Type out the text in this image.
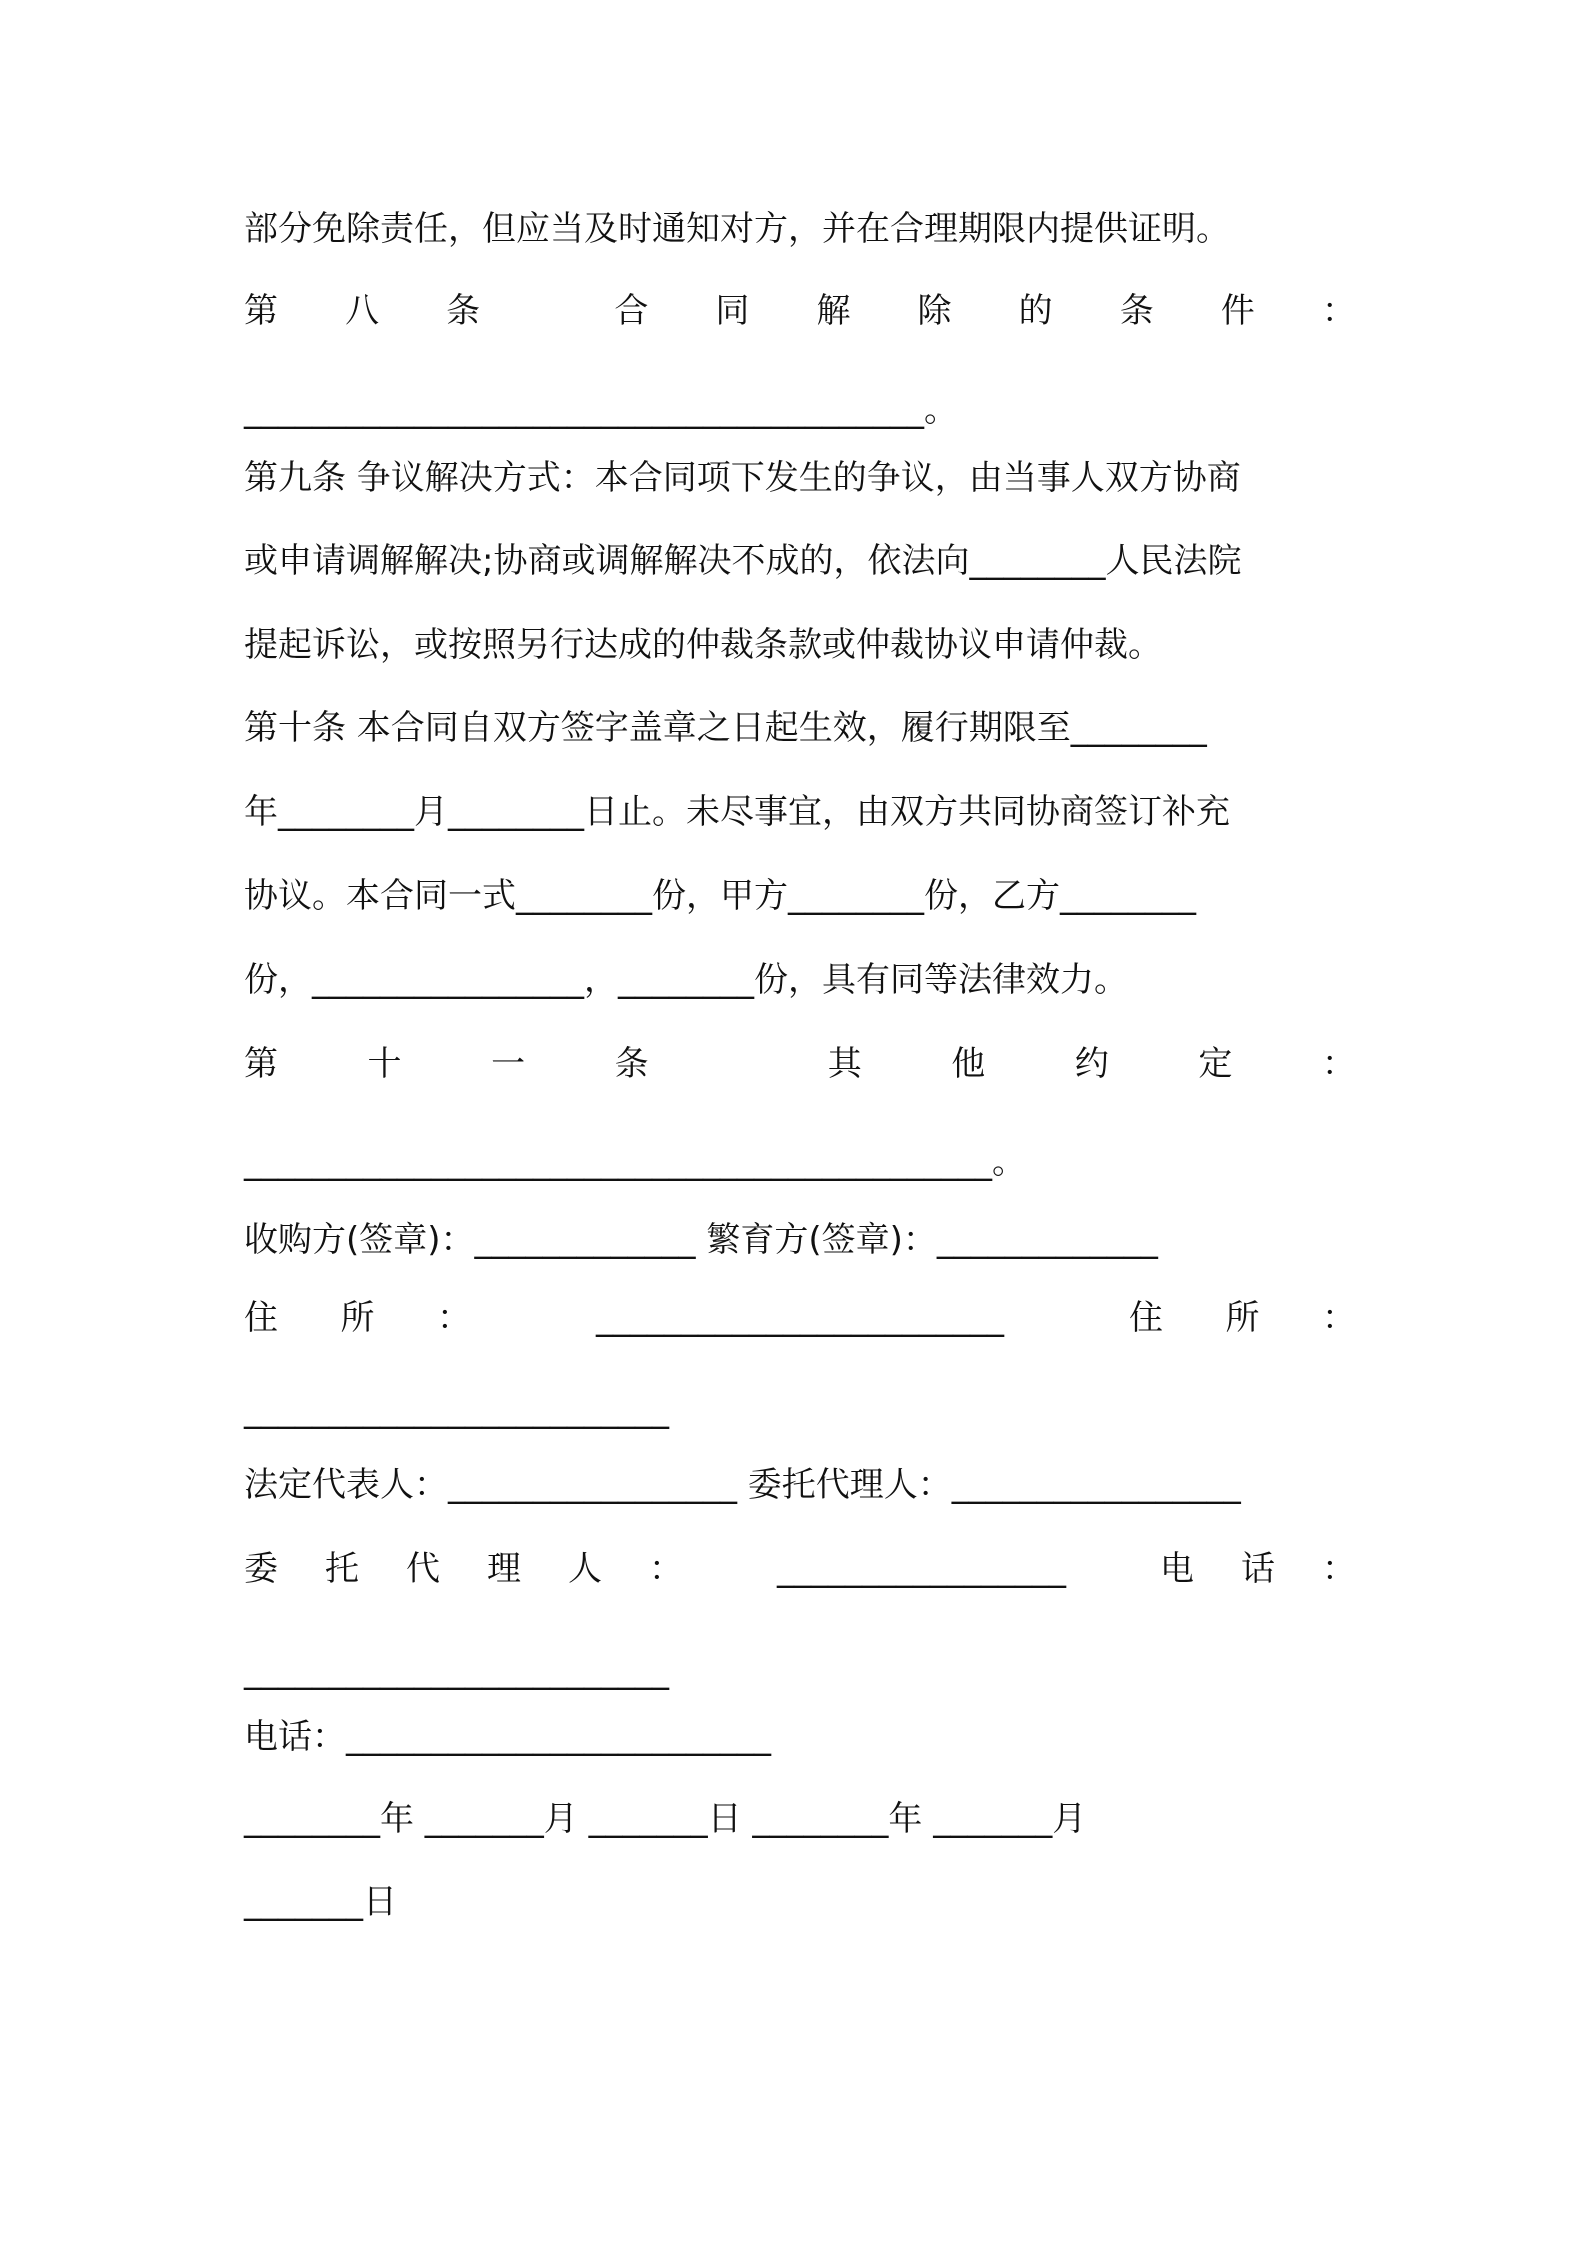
部分免除责任，但应当及时通知对方，并在合理期限内提供证明。
第 八 条	合 同 解 除 的 条 件 ：
________________________________________。
第九条 争议解决方式：本合同项下发生的争议，由当事人双方协商
或申请调解解决;协商或调解解决不成的，依法向________人民法院
提起诉讼，或按照另行达成的仲裁条款或仲裁协议申请仲裁。
第十条 本合同自双方签字盖章之日起生效，履行期限至________
年________月________日止。未尽事宜，由双方共同协商签订补充
协议。本合同一式________份，甲方________份，乙方________
份，________________，________份，具有同等法律效力。
第	十	一	条	其	他	约	定	：
____________________________________________。
收购方(签章)：_____________ 繁育方(签章)：_____________
住 所 ：	________________________	住 所 ：
_________________________
法定代表人：_________________ 委托代理人：_________________
委 托 代 理 人 ：	_________________	电 话 ：
_________________________
电话：_________________________
________年 _______月 _______日 ________年 _______月
_______日
